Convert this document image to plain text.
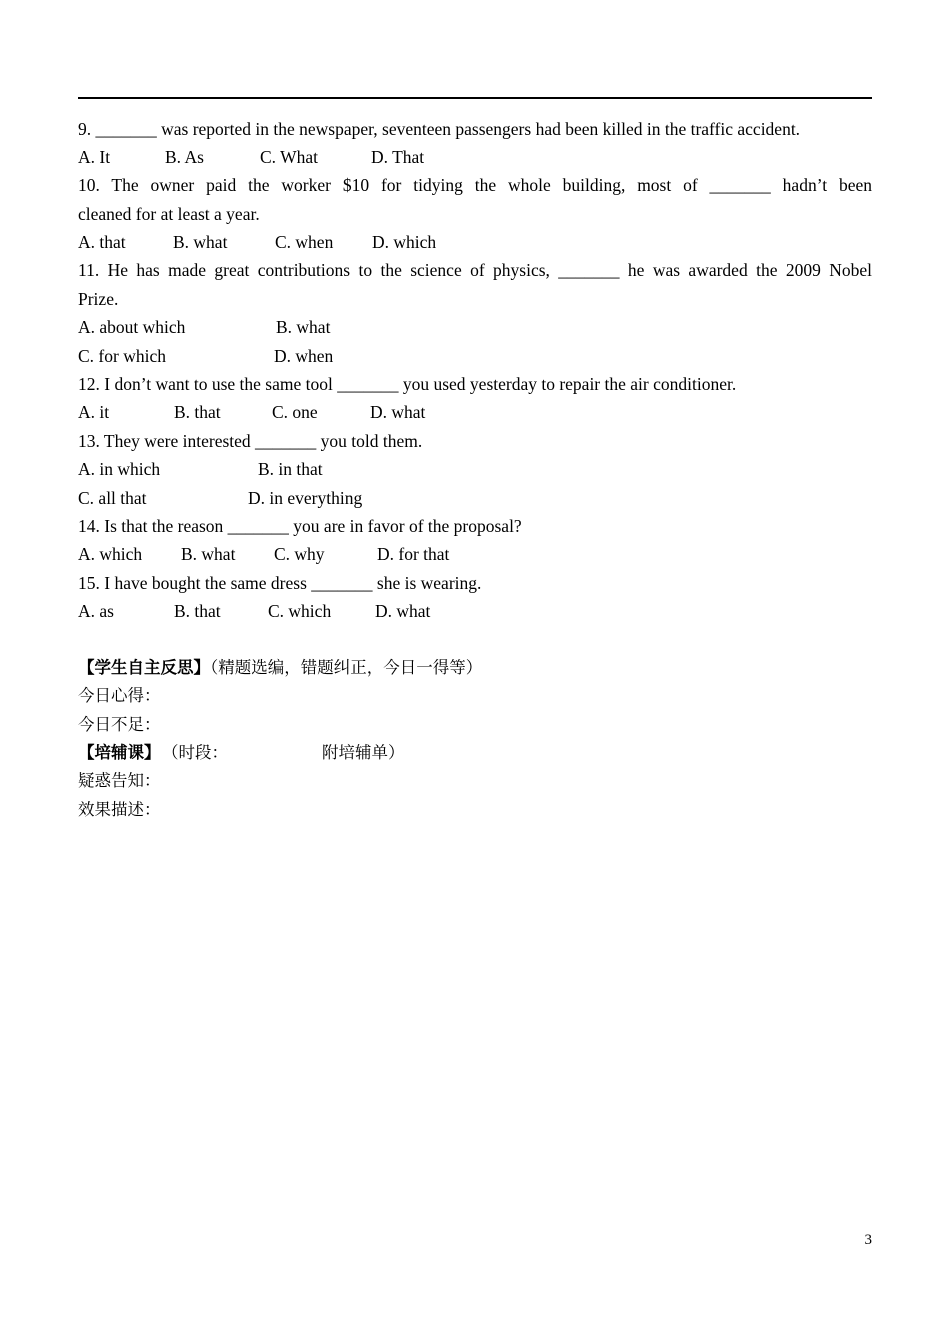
9. _______ was reported in the newspaper, seventeen passengers had been killed in the traffic accident.

A. It

	B. As

	C. What

	D. That

10. The owner paid the worker $10 for tidying the whole building, most of _______ hadn’t been
cleaned for at least a year.

A. that

	B. what

	C. when

D. which

11. He has made great contributions to the science of physics, _______ he was awarded the 2009 Nobel
Prize.

A. about which

	B. what

C. for which

	D. when

12. I don’t want to use the same tool _______ you used yesterday to repair the air conditioner.

A. it

	B. that

	C. one

	D. what

13. They were interested _______ you told them.

A. in which

	B. in that

C. all that

	D. in everything

14. Is that the reason _______ you are in favor of the proposal?

A. which

B. what

C. why

	D. for that

15. I have bought the same dress _______ she is wearing.

A. as

	B. that

	C. which

	D. what

【学生自主反思】（精题选编，错题纠正，今日一得等）
今日心得：
今日不足：

【培辅课】

（时段：

	附培辅单）

疑惑告知：
效果描述：
3
